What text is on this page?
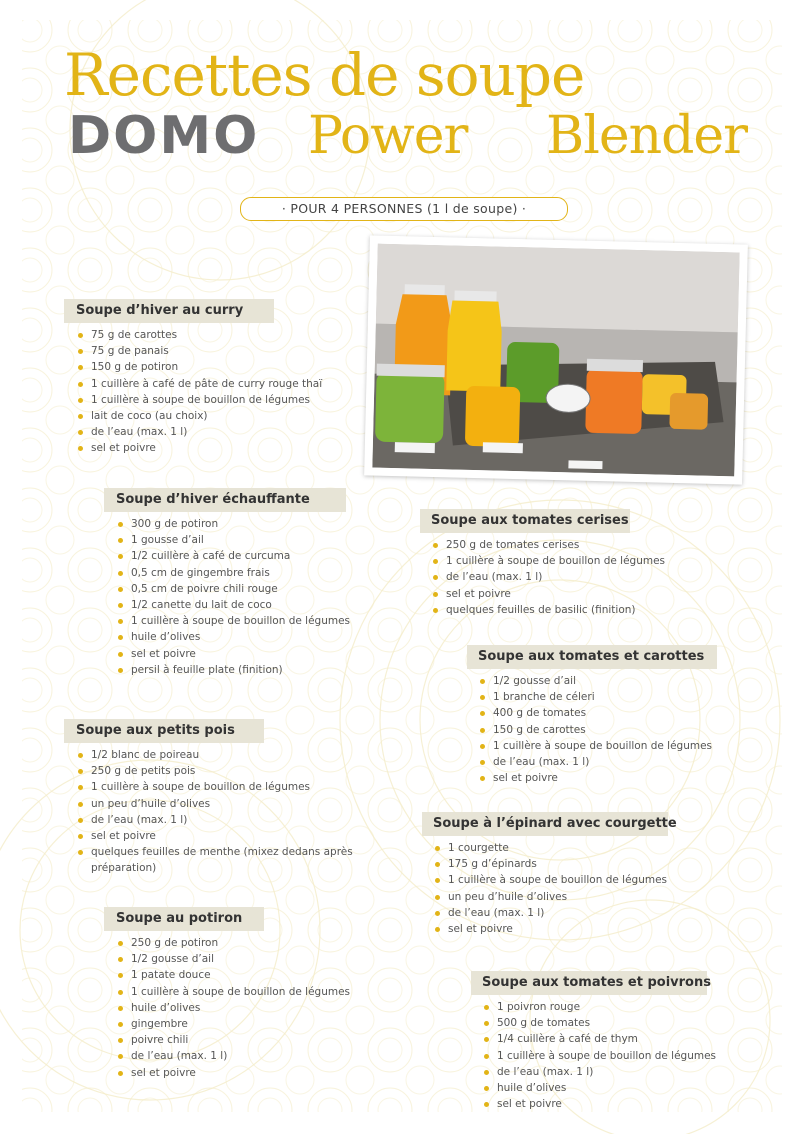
Recettes de soupe
DOMO Power Blender
· POUR 4 PERSONNES (1 l de soupe) ·
Soupe d’hiver au curry
75 g de carottes
75 g de panais
150 g de potiron
1 cuillère à café de pâte de curry rouge thaï
1 cuillère à soupe de bouillon de légumes
lait de coco (au choix)
de l’eau (max. 1 l)
sel et poivre
Soupe d’hiver échauffante
300 g de potiron
1 gousse d’ail
1/2 cuillère à café de curcuma
0,5 cm de gingembre frais
0,5 cm de poivre chili rouge
1/2 canette du lait de coco
1 cuillère à soupe de bouillon de légumes
huile d’olives
sel et poivre
persil à feuille plate (finition)
Soupe aux tomates cerises
250 g de tomates cerises
1 cuillère à soupe de bouillon de légumes
de l’eau (max. 1 l)
sel et poivre
quelques feuilles de basilic (finition)
Soupe aux tomates et carottes
1/2 gousse d’ail
1 branche de céleri
400 g de tomates
150 g de carottes
1 cuillère à soupe de bouillon de légumes
de l’eau (max. 1 l)
sel et poivre
Soupe aux petits pois
1/2 blanc de poireau
250 g de petits pois
1 cuillère à soupe de bouillon de légumes
un peu d’huile d’olives
de l’eau (max. 1 l)
sel et poivre
quelques feuilles de menthe (mixez dedans après préparation)
Soupe à l’épinard avec courgette
1 courgette
175 g d’épinards
1 cuillère à soupe de bouillon de légumes
un peu d’huile d’olives
de l’eau (max. 1 l)
sel et poivre
Soupe au potiron
250 g de potiron
1/2 gousse d’ail
1 patate douce
1 cuillère à soupe de bouillon de légumes
huile d’olives
gingembre
poivre chili
de l’eau (max. 1 l)
sel et poivre
Soupe aux tomates et poivrons
1 poivron rouge
500 g de tomates
1/4 cuillère à café de thym
1 cuillère à soupe de bouillon de légumes
de l’eau (max. 1 l)
huile d’olives
sel et poivre
